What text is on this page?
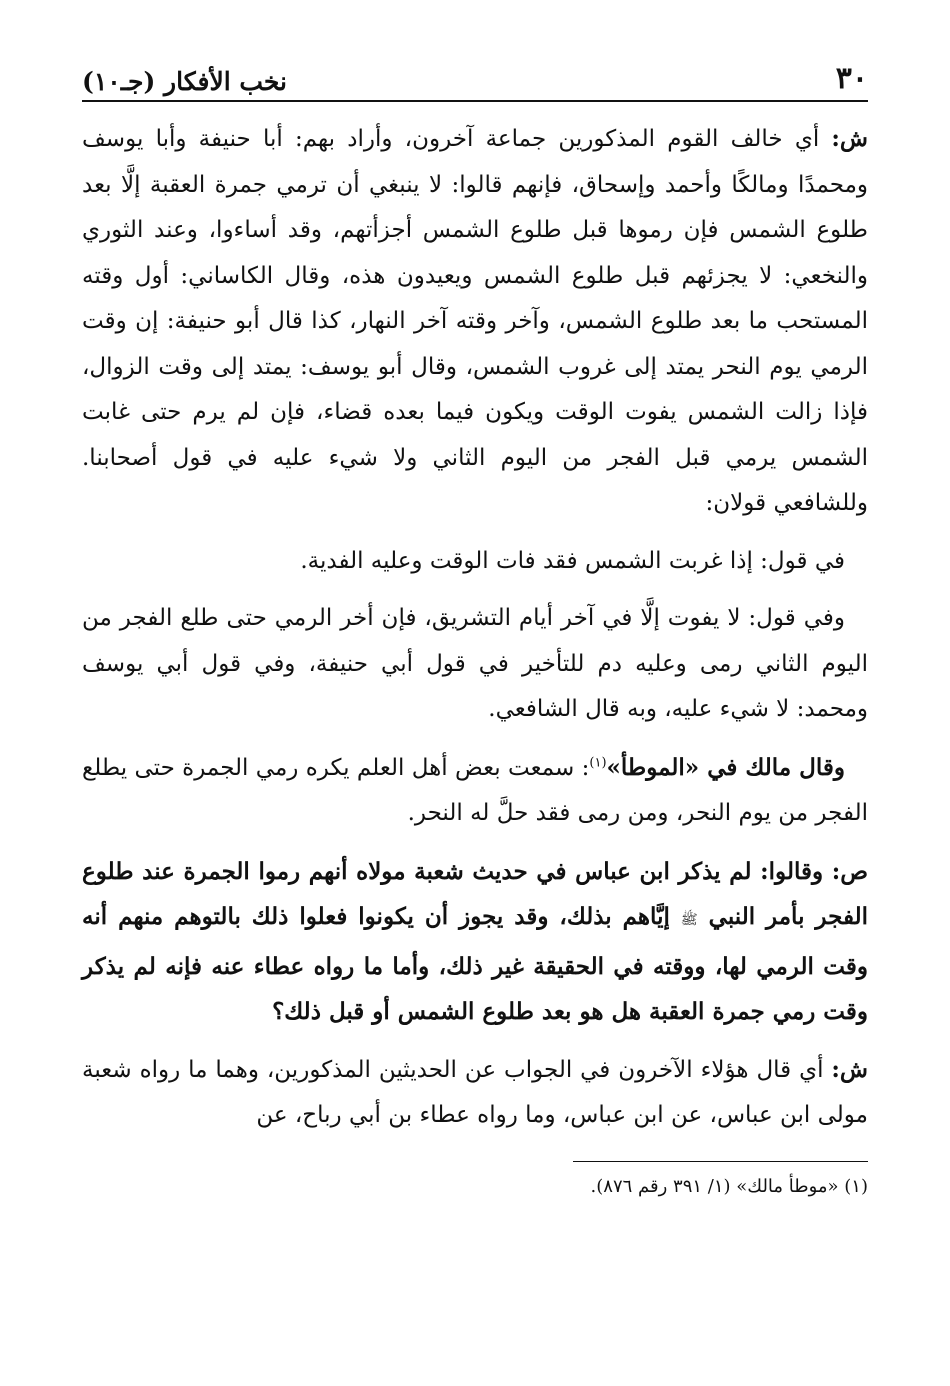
٣٠
نخب الأفكار (جـ١٠)

ش: أي خالف القوم المذكورين جماعة آخرون، وأراد بهم: أبا حنيفة وأبا يوسف ومحمدًا ومالكًا وأحمد وإسحاق، فإنهم قالوا: لا ينبغي أن ترمي جمرة العقبة إلَّا بعد طلوع الشمس فإن رموها قبل طلوع الشمس أجزأتهم، وقد أساءوا، وعند الثوري والنخعي: لا يجزئهم قبل طلوع الشمس ويعيدون هذه، وقال الكاساني: أول وقته المستحب ما بعد طلوع الشمس، وآخر وقته آخر النهار، كذا قال أبو حنيفة: إن وقت الرمي يوم النحر يمتد إلى غروب الشمس، وقال أبو يوسف: يمتد إلى وقت الزوال، فإذا زالت الشمس يفوت الوقت ويكون فيما بعده قضاء، فإن لم يرم حتى غابت الشمس يرمي قبل الفجر من اليوم الثاني ولا شيء عليه في قول أصحابنا. وللشافعي قولان:

في قول: إذا غربت الشمس فقد فات الوقت وعليه الفدية.

وفي قول: لا يفوت إلَّا في آخر أيام التشريق، فإن أخر الرمي حتى طلع الفجر من اليوم الثاني رمى وعليه دم للتأخير في قول أبي حنيفة، وفي قول أبي يوسف ومحمد: لا شيء عليه، وبه قال الشافعي.

وقال مالك في «الموطأ»$^{(١)}$: سمعت بعض أهل العلم يكره رمي الجمرة حتى يطلع الفجر من يوم النحر، ومن رمى فقد حلَّ له النحر.

ص: وقالوا: لم يذكر ابن عباس في حديث شعبة مولاه أنهم رموا الجمرة عند طلوع الفجر بأمر النبي ﷺ إيَّاهم بذلك، وقد يجوز أن يكونوا فعلوا ذلك بالتوهم منهم أنه وقت الرمي لها، ووقته في الحقيقة غير ذلك، وأما ما رواه عطاء عنه فإنه لم يذكر وقت رمي جمرة العقبة هل هو بعد طلوع الشمس أو قبل ذلك؟

ش: أي قال هؤلاء الآخرون في الجواب عن الحديثين المذكورين، وهما ما رواه شعبة مولى ابن عباس، عن ابن عباس، وما رواه عطاء بن أبي رباح، عن

(١) «موطأ مالك» (١/ ٣٩١ رقم ٨٧٦).
